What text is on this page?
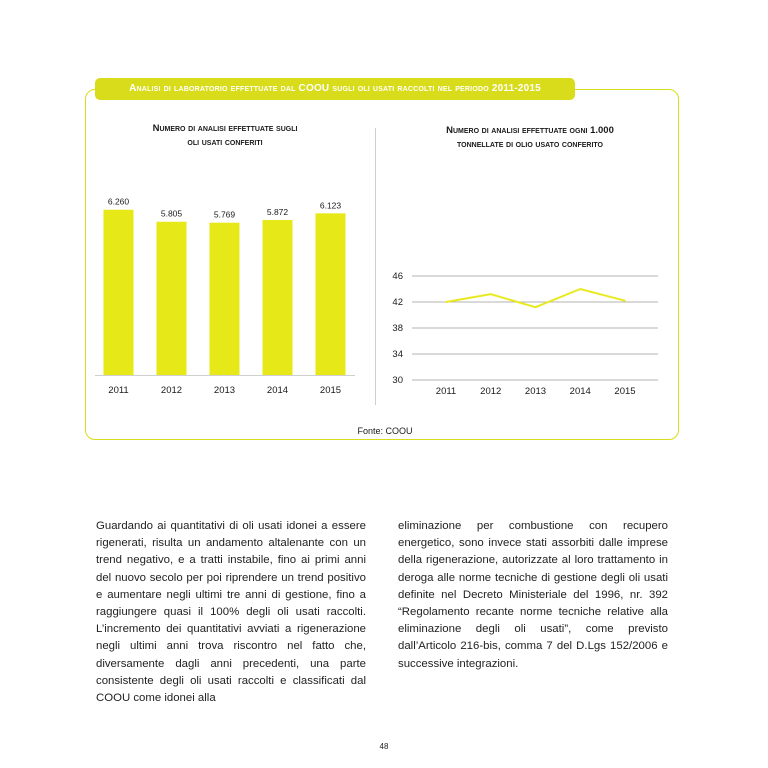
Analisi di laboratorio effettuate dal COOU sugli oli usati raccolti nel periodo 2011-2015
Numero di analisi effettuate sugli
oli usati conferiti
Numero di analisi effettuate ogni 1.000
tonnellate di olio usato conferito
6.260
2011
5.805
2012
5.769
2013
5.872
2014
6.123
2015
30
34
38
42
46
2011	2012 2013 2014 2015
Fonte: COOU
Guardando ai quantitativi di oli usati idonei a essere rigenerati, risulta un andamento altalenante con un trend negativo, e a tratti instabile, fino ai primi anni del nuovo secolo per poi riprendere un trend positivo e aumentare negli ultimi tre anni di gestione, fino a raggiungere quasi il 100% degli oli usati raccolti. L’incremento dei quantitativi avviati a rigenerazione negli ultimi anni trova riscontro nel fatto che, diversamente dagli anni precedenti, una parte consistente degli oli usati raccolti e classificati dal COOU come idonei alla
eliminazione per combustione con recupero energetico, sono invece stati assorbiti dalle imprese della rigenerazione, autorizzate al loro trattamento in deroga alle norme tecniche di gestione degli oli usati definite nel Decreto Ministeriale del 1996, nr. 392 “Regolamento recante norme tecniche relative alla eliminazione degli oli usati”, come previsto dall’Articolo 216-bis, comma 7 del D.Lgs 152/2006 e successive integrazioni.
48
